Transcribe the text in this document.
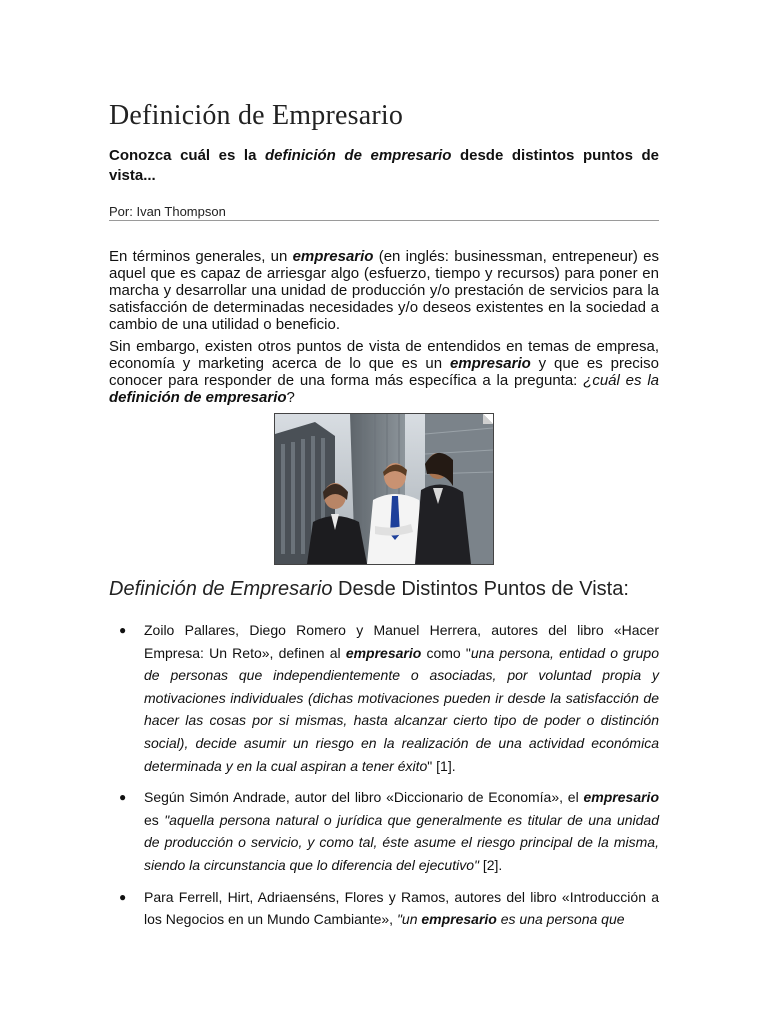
Definición de Empresario
Conozca cuál es la definición de empresario desde distintos puntos de vista...
Por: Ivan Thompson

En términos generales, un empresario (en inglés: businessman, entrepeneur) es aquel que es capaz de arriesgar algo (esfuerzo, tiempo y recursos) para poner en marcha y desarrollar una unidad de producción y/o prestación de servicios para la satisfacción de determinadas necesidades y/o deseos existentes en la sociedad a cambio de una utilidad o beneficio.

Sin embargo, existen otros puntos de vista de entendidos en temas de empresa, economía y marketing acerca de lo que es un empresario y que es preciso conocer para responder de una forma más específica a la pregunta: ¿cuál es la definición de empresario?

Definición de Empresario Desde Distintos Puntos de Vista:
● Zoilo Pallares, Diego Romero y Manuel Herrera, autores del libro «Hacer Empresa: Un Reto», definen al empresario como "una persona, entidad o grupo de personas que independientemente o asociadas, por voluntad propia y motivaciones individuales (dichas motivaciones pueden ir desde la satisfacción de hacer las cosas por si mismas, hasta alcanzar cierto tipo de poder o distinción social), decide asumir un riesgo en la realización de una actividad económica determinada y en la cual aspiran a tener éxito" [1].
● Según Simón Andrade, autor del libro «Diccionario de Economía», el empresario es "aquella persona natural o jurídica que generalmente es titular de una unidad de producción o servicio, y como tal, éste asume el riesgo principal de la misma, siendo la circunstancia que lo diferencia del ejecutivo" [2].
● Para Ferrell, Hirt, Adriaenséns, Flores y Ramos, autores del libro «Introducción a los Negocios en un Mundo Cambiante», "un empresario es una persona que
